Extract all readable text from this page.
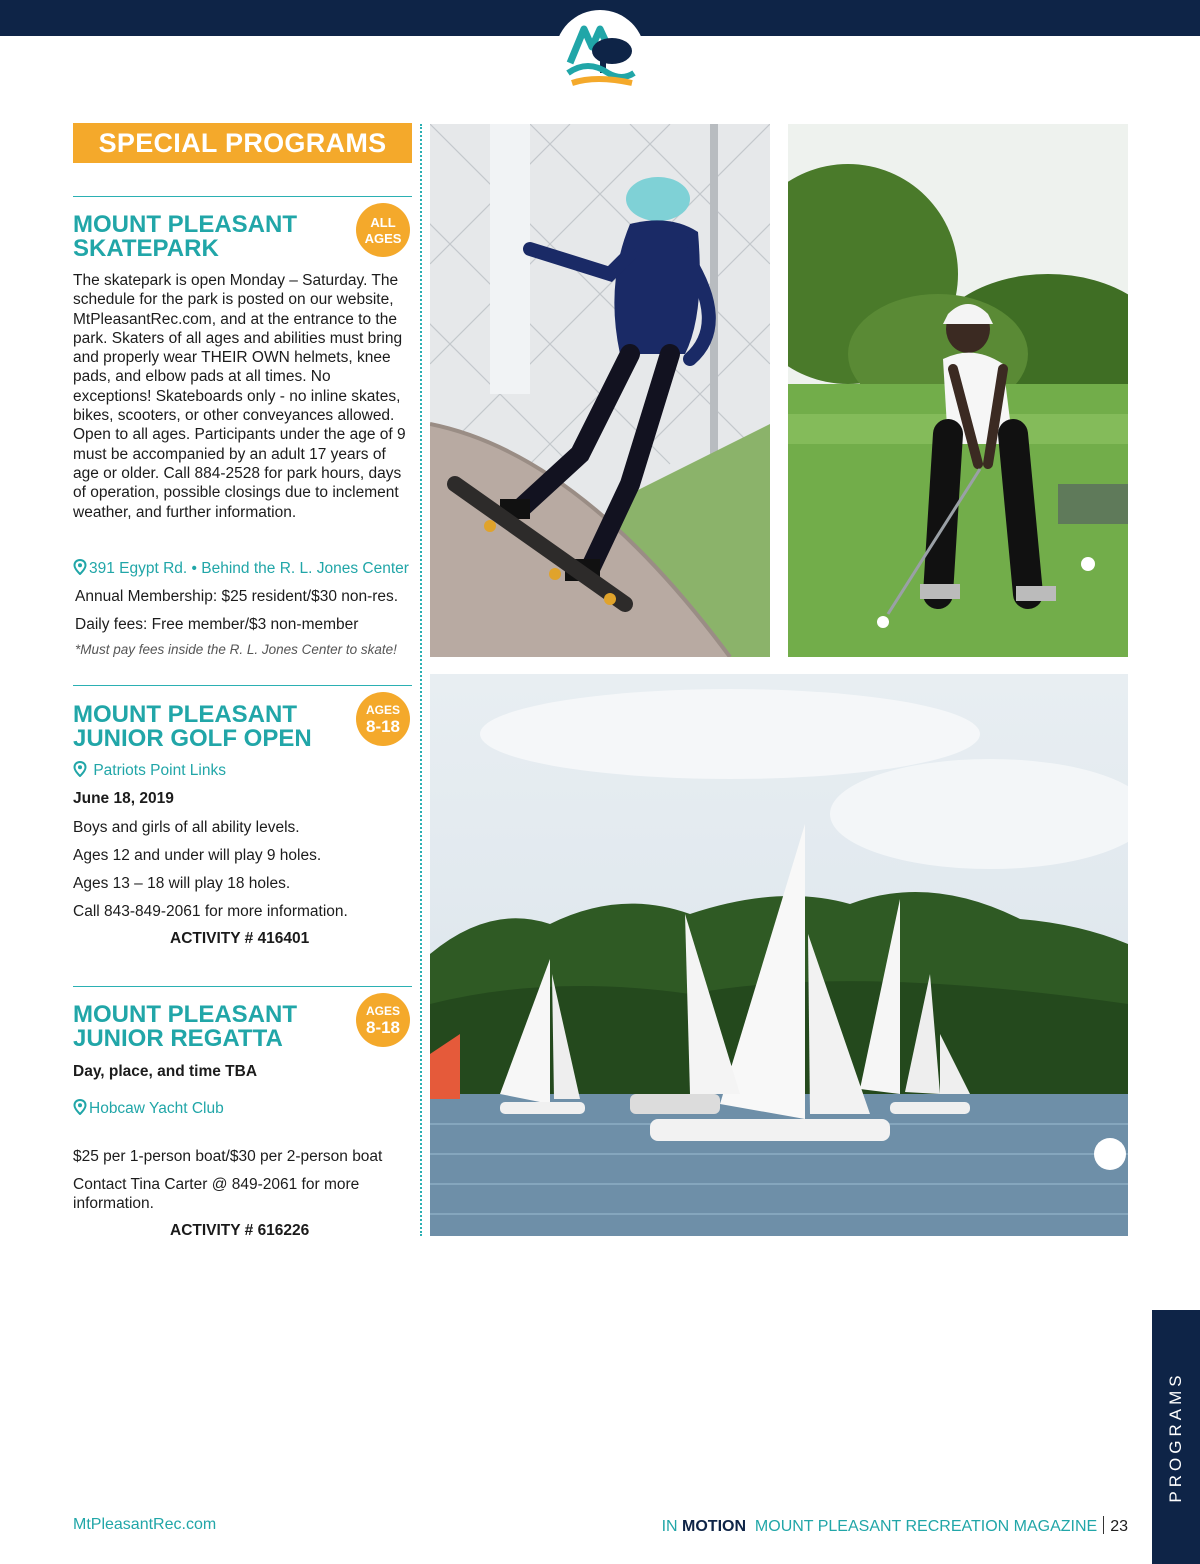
SPECIAL PROGRAMS
MOUNT PLEASANT
SKATEPARK
ALL
AGES
The skatepark is open Monday – Saturday. The schedule for the park is posted on our website, MtPleasantRec.com, and at the entrance to the park. Skaters of all ages and abilities must bring and properly wear THEIR OWN helmets, knee pads, and elbow pads at all times. No exceptions! Skateboards only - no inline skates, bikes, scooters, or other conveyances allowed. Open to all ages. Participants under the age of 9 must be accompanied by an adult 17 years of age or older. Call 884-2528 for park hours, days of operation, possible closings due to inclement weather, and further information.
391 Egypt Rd. • Behind the R. L. Jones Center
Annual Membership: $25 resident/$30 non-res.
Daily fees: Free member/$3 non-member
*Must pay fees inside the R. L. Jones Center to skate!
MOUNT PLEASANT
JUNIOR GOLF OPEN
AGES
8-18
Patriots Point Links
June 18, 2019
Boys and girls of all ability levels.
Ages 12 and under will play 9 holes.
Ages 13 – 18 will play 18 holes.
Call 843-849-2061 for more information.
ACTIVITY # 416401
MOUNT PLEASANT
JUNIOR REGATTA
AGES
8-18
Day, place, and time TBA
Hobcaw Yacht Club
$25 per 1-person boat/$30 per 2-person boat
Contact Tina Carter @ 849-2061 for more
information.
ACTIVITY # 616226
PROGRAMS
MtPleasantRec.com	IN MOTION MOUNT PLEASANT RECREATION MAGAZINE 23
